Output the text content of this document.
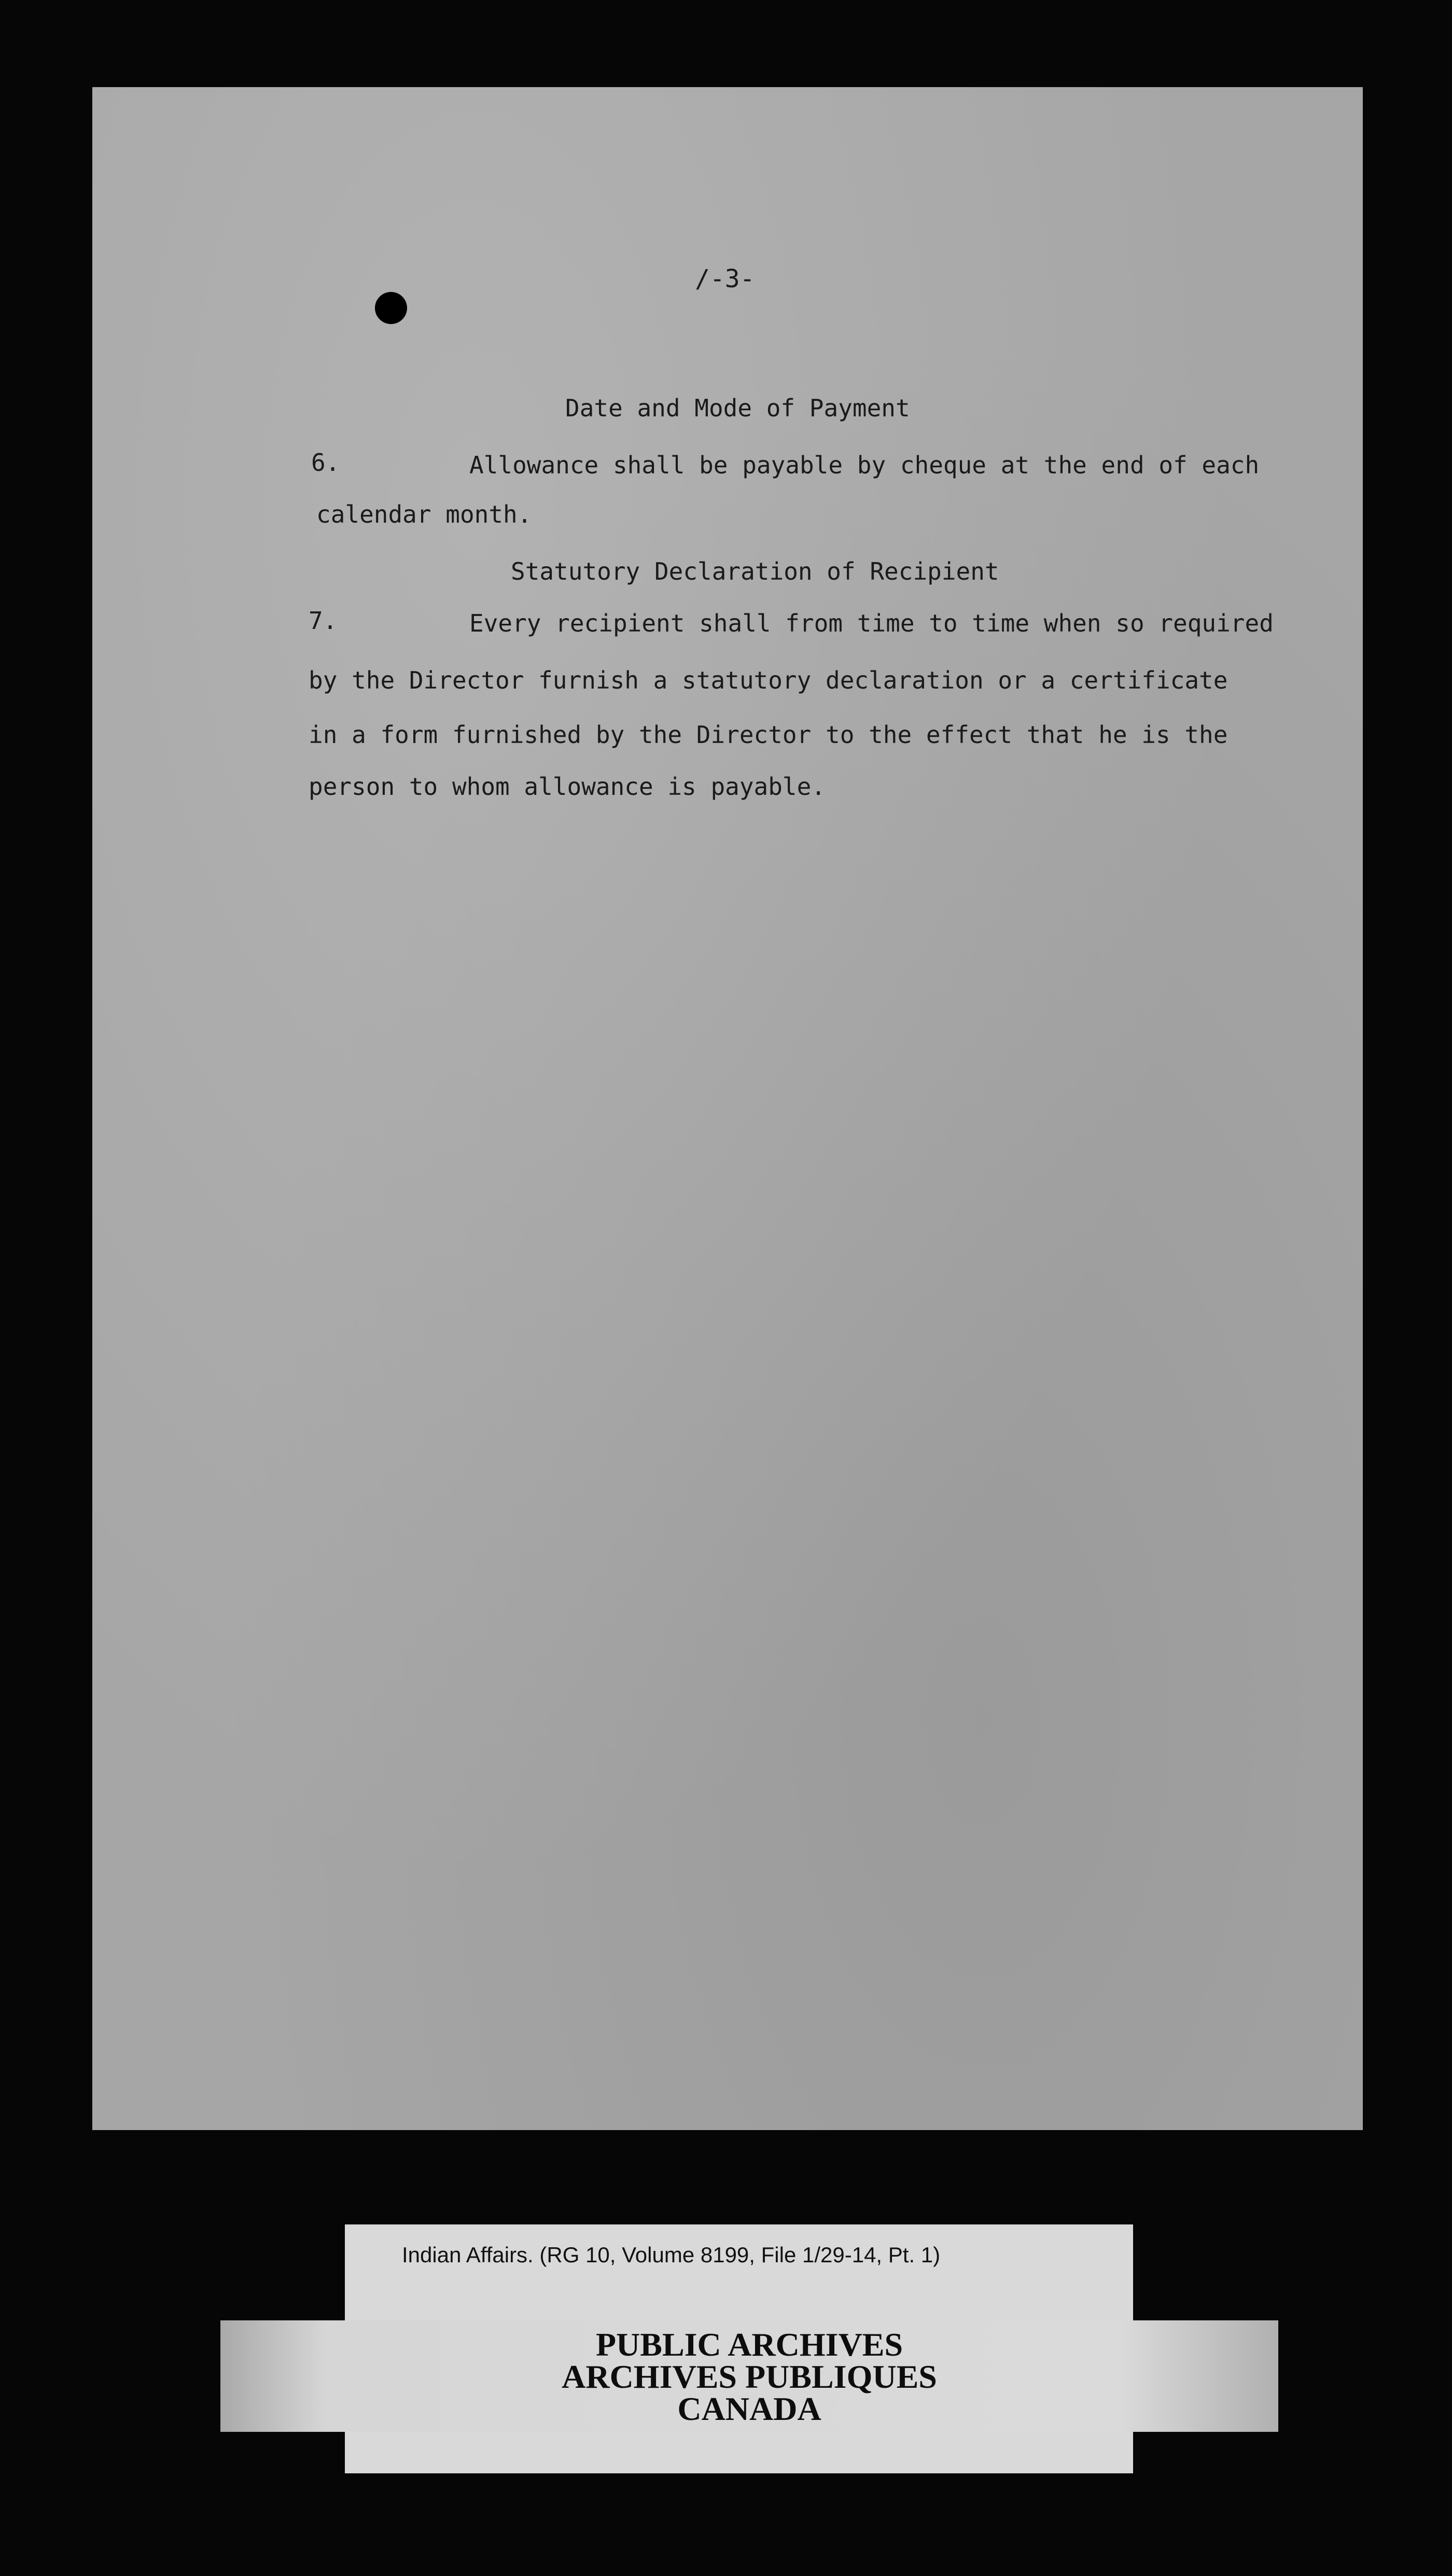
/-3-
Date and Mode of Payment
6.	Allowance shall be payable by cheque at the end of each
calendar month.
Statutory Declaration of Recipient
7.	Every recipient shall from time to time when so required
by the Director furnish a statutory declaration or a certificate
in a form furnished by the Director to the effect that he is the
person to whom allowance is payable.
Indian Affairs. (RG 10, Volume 8199, File 1/29-14, Pt. 1)
PUBLIC ARCHIVES
ARCHIVES PUBLIQUES
CANADA
